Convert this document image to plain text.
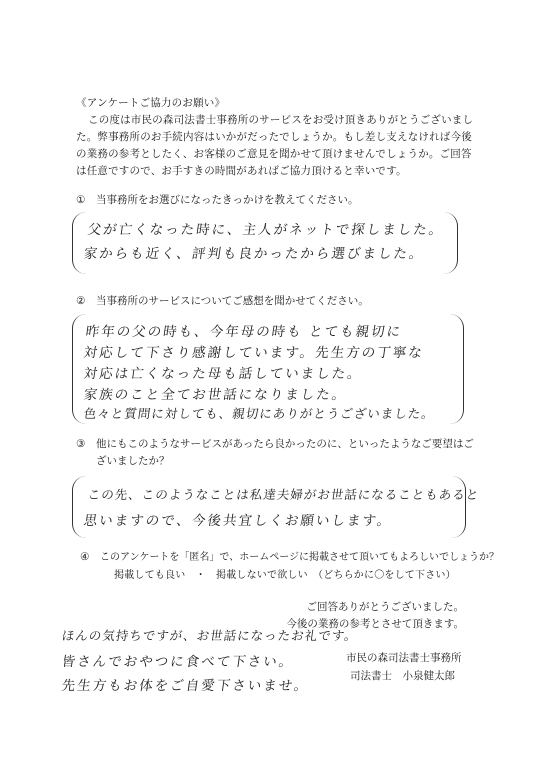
《アンケートご協力のお願い》
この度は市民の森司法書士事務所のサービスをお受け頂きありがとうございました。弊事務所のお手続内容はいかがだったでしょうか。もし差し支えなければ今後の業務の参考としたく、お客様のご意見を聞かせて頂けませんでしょうか。ご回答は任意ですので、お手すきの時間があればご協力頂けると幸いです。
① 当事務所をお選びになったきっかけを教えてください。
父が亡くなった時に、主人がネットで探しました。
家からも近く、評判も良かったから選びました。
② 当事務所のサービスについてご感想を聞かせてください。
昨年の父の時も、今年母の時も とても親切に
対応して下さり感謝しています。先生方の丁寧な
対応は亡くなった母も話していました。
家族のこと全てお世話になりました。
色々と質問に対しても、親切にありがとうございました。
③ 他にもこのようなサービスがあったら良かったのに、といったようなご要望はございましたか？
この先、このようなことは私達夫婦がお世話になることもあると
思いますので、今後共宜しくお願いします。
④ このアンケートを「匿名」で、ホームページに掲載させて頂いてもよろしいでしょうか？
掲載しても良い　・　掲載しないで欲しい　（どちらかに〇をして下さい）
ご回答ありがとうございました。
今後の業務の参考とさせて頂きます。
ほんの気持ちですが、お世話になったお礼です。
皆さんでおやつに食べて下さい。
先生方もお体をご自愛下さいませ。
市民の森司法書士事務所
司法書士　小泉健太郎
